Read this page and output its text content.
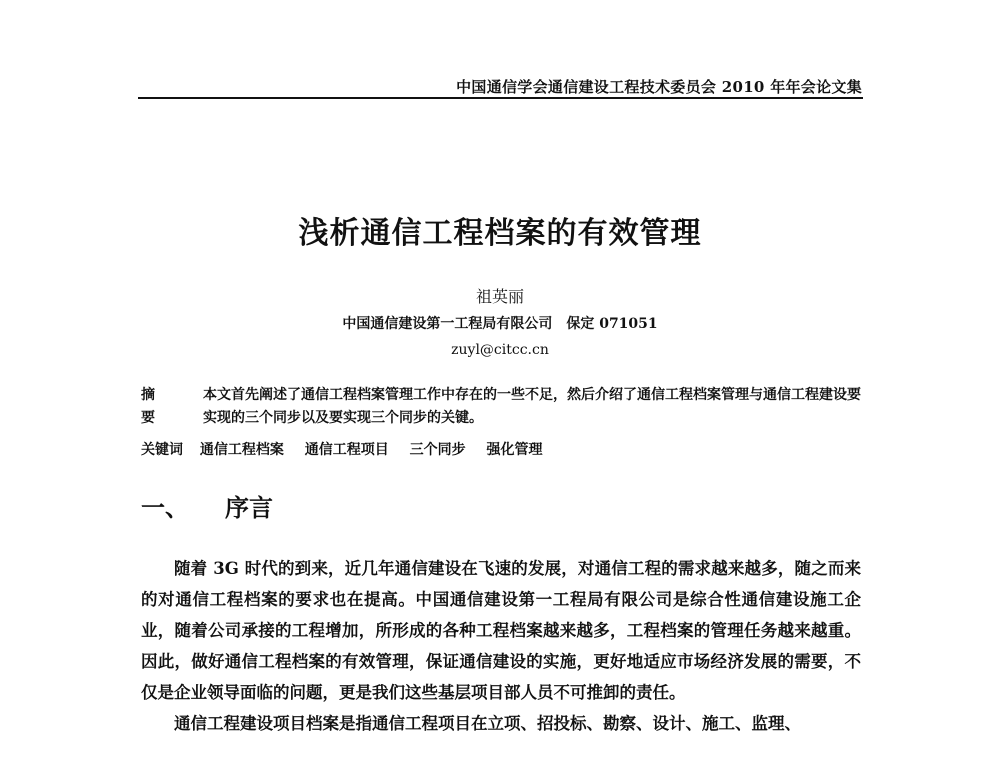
中国通信学会通信建设工程技术委员会 2010 年年会论文集
浅析通信工程档案的有效管理
祖英丽
中国通信建设第一工程局有限公司 保定 071051
zuyl@citcc.cn
摘 要
本文首先阐述了通信工程档案管理工作中存在的一些不足，然后介绍了通信工程档案管理与通信工程建设要实现的三个同步以及要实现三个同步的关键。
关键词 通信工程档案 通信工程项目 三个同步 强化管理
一、 序言

随着 3G 时代的到来，近几年通信建设在飞速的发展，对通信工程的需求越来越多，随之而来的对通信工程档案的要求也在提高。中国通信建设第一工程局有限公司是综合性通信建设施工企业，随着公司承接的工程增加，所形成的各种工程档案越来越多，工程档案的管理任务越来越重。因此，做好通信工程档案的有效管理，保证通信建设的实施，更好地适应市场经济发展的需要，不仅是企业领导面临的问题，更是我们这些基层项目部人员不可推卸的责任。

通信工程建设项目档案是指通信工程项目在立项、招投标、勘察、设计、施工、监理、
